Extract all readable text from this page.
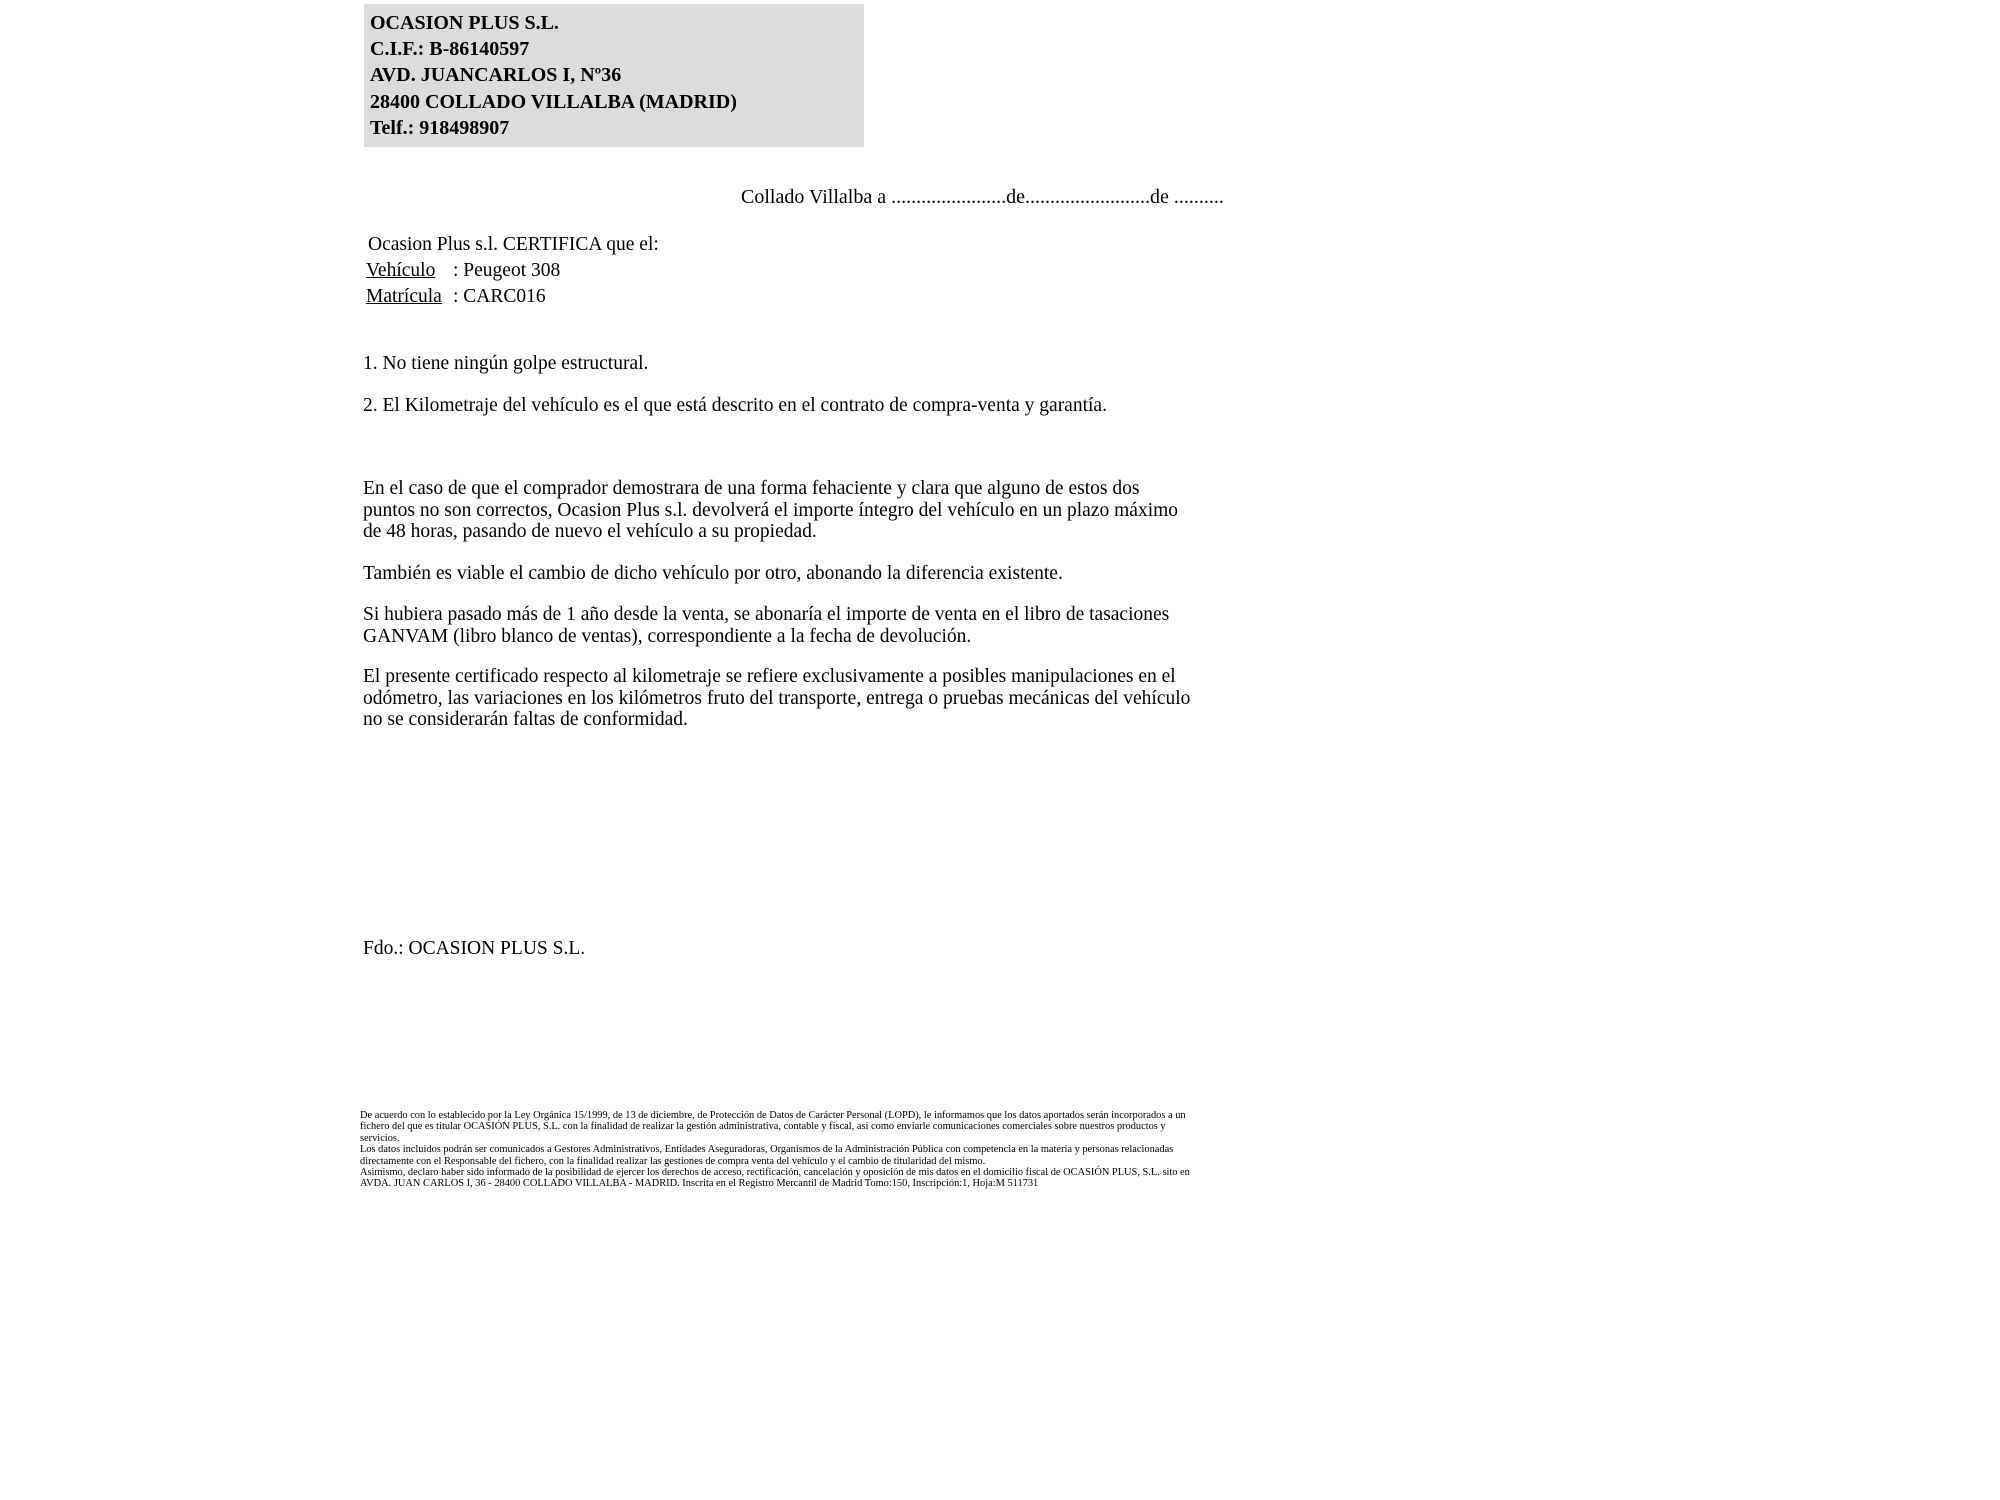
OCASION PLUS S.L.
C.I.F.: B-86140597
AVD. JUANCARLOS I, Nº36
28400 COLLADO VILLALBA (MADRID)
Telf.: 918498907
Collado Villalba a .......................de.........................de ..........
Ocasion Plus s.l. CERTIFICA que el:
Vehículo : Peugeot 308
Matrícula : CARC016
1. No tiene ningún golpe estructural.
2. El Kilometraje del vehículo es el que está descrito en el contrato de compra-venta y garantía.
En el caso de que el comprador demostrara de una forma fehaciente y clara que alguno de estos dos puntos no son correctos, Ocasion Plus s.l. devolverá el importe íntegro del vehículo en un plazo máximo de 48 horas, pasando de nuevo el vehículo a su propiedad.
También es viable el cambio de dicho vehículo por otro, abonando la diferencia existente.
Si hubiera pasado más de 1 año desde la venta, se abonaría el importe de venta en el libro de tasaciones GANVAM (libro blanco de ventas), correspondiente a la fecha de devolución.
El presente certificado respecto al kilometraje se refiere exclusivamente a posibles manipulaciones en el odómetro, las variaciones en los kilómetros fruto del transporte, entrega o pruebas mecánicas del vehículo no se considerarán faltas de conformidad.
Fdo.: OCASION PLUS S.L.

De acuerdo con lo establecido por la Ley Orgánica 15/1999, de 13 de diciembre, de Protección de Datos de Carácter Personal (LOPD), le informamos que los datos aportados serán incorporados a un fichero del que es titular OCASIÓN PLUS, S.L. con la finalidad de realizar la gestión administrativa, contable y fiscal, así como enviarle comunicaciones comerciales sobre nuestros productos y servicios.

Los datos incluidos podrán ser comunicados a Gestores Administrativos, Entidades Aseguradoras, Organismos de la Administración Pública con competencia en la materia y personas relacionadas directamente con el Responsable del fichero, con la finalidad realizar las gestiones de compra venta del vehículo y el cambio de titularidad del mismo.

Asimismo, declaro haber sido informado de la posibilidad de ejercer los derechos de acceso, rectificación, cancelación y oposición de mis datos en el domicilio fiscal de OCASIÓN PLUS, S.L. sito en AVDA. JUAN CARLOS I, 36 - 28400 COLLADO VILLALBA - MADRID. Inscrita en el Registro Mercantil de Madrid Tomo:150, Inscripción:1, Hoja:M 511731
